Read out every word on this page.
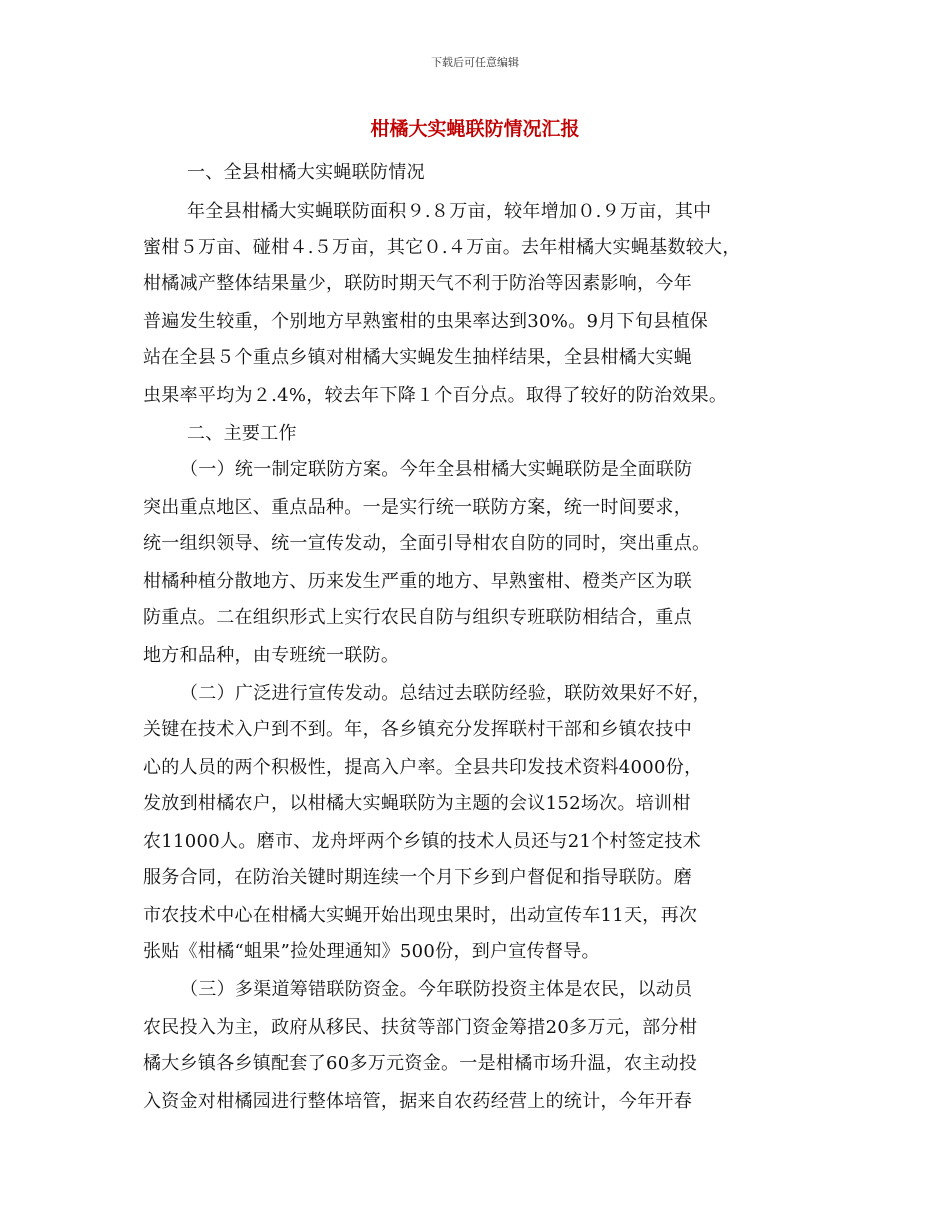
下载后可任意编辑
柑橘大实蝇联防情况汇报
一、全县柑橘大实蝇联防情况
年全县柑橘大实蝇联防面积９.８万亩，较年增加０.９万亩，其中
蜜柑５万亩、碰柑４.５万亩，其它０.４万亩。去年柑橘大实蝇基数较大，
柑橘减产整体结果量少，联防时期天气不利于防治等因素影响，今年
普遍发生较重，个别地方早熟蜜柑的虫果率达到30%。9月下旬县植保
站在全县５个重点乡镇对柑橘大实蝇发生抽样结果，全县柑橘大实蝇
虫果率平均为２.4%，较去年下降１个百分点。取得了较好的防治效果。
二、主要工作
（一）统一制定联防方案。今年全县柑橘大实蝇联防是全面联防
突出重点地区、重点品种。一是实行统一联防方案，统一时间要求，
统一组织领导、统一宣传发动，全面引导柑农自防的同时，突出重点。
柑橘种植分散地方、历来发生严重的地方、早熟蜜柑、橙类产区为联
防重点。二在组织形式上实行农民自防与组织专班联防相结合，重点
地方和品种，由专班统一联防。
（二）广泛进行宣传发动。总结过去联防经验，联防效果好不好，
关键在技术入户到不到。年，各乡镇充分发挥联村干部和乡镇农技中
心的人员的两个积极性，提高入户率。全县共印发技术资料4000份，
发放到柑橘农户，以柑橘大实蝇联防为主题的会议152场次。培训柑
农11000人。磨市、龙舟坪两个乡镇的技术人员还与21个村签定技术
服务合同，在防治关键时期连续一个月下乡到户督促和指导联防。磨
市农技术中心在柑橘大实蝇开始出现虫果时，出动宣传车11天，再次
张贴《柑橘“蛆果”捡处理通知》500份，到户宣传督导。
（三）多渠道筹错联防资金。今年联防投资主体是农民，以动员
农民投入为主，政府从移民、扶贫等部门资金筹措20多万元，部分柑
橘大乡镇各乡镇配套了60多万元资金。一是柑橘市场升温，农主动投
入资金对柑橘园进行整体培管，据来自农药经营上的统计，今年开春
